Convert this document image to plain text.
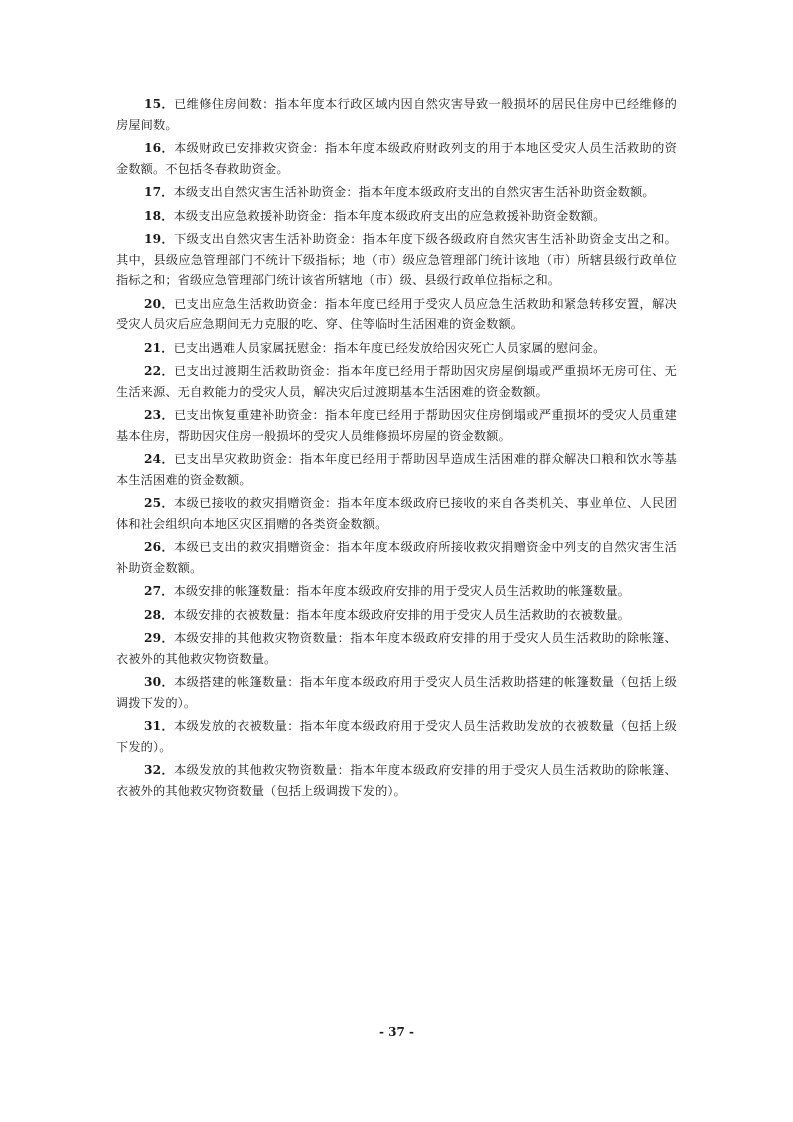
15．已维修住房间数：指本年度本行政区域内因自然灾害导致一般损坏的居民住房中已经维修的房屋间数。

16．本级财政已安排救灾资金：指本年度本级政府财政列支的用于本地区受灾人员生活救助的资金数额。不包括冬春救助资金。

17．本级支出自然灾害生活补助资金：指本年度本级政府支出的自然灾害生活补助资金数额。

18．本级支出应急救援补助资金：指本年度本级政府支出的应急救援补助资金数额。

19．下级支出自然灾害生活补助资金：指本年度下级各级政府自然灾害生活补助资金支出之和。其中，县级应急管理部门不统计下级指标；地（市）级应急管理部门统计该地（市）所辖县级行政单位指标之和；省级应急管理部门统计该省所辖地（市）级、县级行政单位指标之和。

20．已支出应急生活救助资金：指本年度已经用于受灾人员应急生活救助和紧急转移安置，解决受灾人员灾后应急期间无力克服的吃、穿、住等临时生活困难的资金数额。

21．已支出遇难人员家属抚慰金：指本年度已经发放给因灾死亡人员家属的慰问金。

22．已支出过渡期生活救助资金：指本年度已经用于帮助因灾房屋倒塌或严重损坏无房可住、无生活来源、无自救能力的受灾人员，解决灾后过渡期基本生活困难的资金数额。

23．已支出恢复重建补助资金：指本年度已经用于帮助因灾住房倒塌或严重损坏的受灾人员重建基本住房，帮助因灾住房一般损坏的受灾人员维修损坏房屋的资金数额。

24．已支出旱灾救助资金：指本年度已经用于帮助因旱造成生活困难的群众解决口粮和饮水等基本生活困难的资金数额。

25．本级已接收的救灾捐赠资金：指本年度本级政府已接收的来自各类机关、事业单位、人民团体和社会组织向本地区灾区捐赠的各类资金数额。

26．本级已支出的救灾捐赠资金：指本年度本级政府所接收救灾捐赠资金中列支的自然灾害生活补助资金数额。

27．本级安排的帐篷数量：指本年度本级政府安排的用于受灾人员生活救助的帐篷数量。

28．本级安排的衣被数量：指本年度本级政府安排的用于受灾人员生活救助的衣被数量。

29．本级安排的其他救灾物资数量：指本年度本级政府安排的用于受灾人员生活救助的除帐篷、衣被外的其他救灾物资数量。

30．本级搭建的帐篷数量：指本年度本级政府用于受灾人员生活救助搭建的帐篷数量（包括上级调拨下发的）。

31．本级发放的衣被数量：指本年度本级政府用于受灾人员生活救助发放的衣被数量（包括上级下发的）。

32．本级发放的其他救灾物资数量：指本年度本级政府安排的用于受灾人员生活救助的除帐篷、衣被外的其他救灾物资数量（包括上级调拨下发的）。

- 37 -
